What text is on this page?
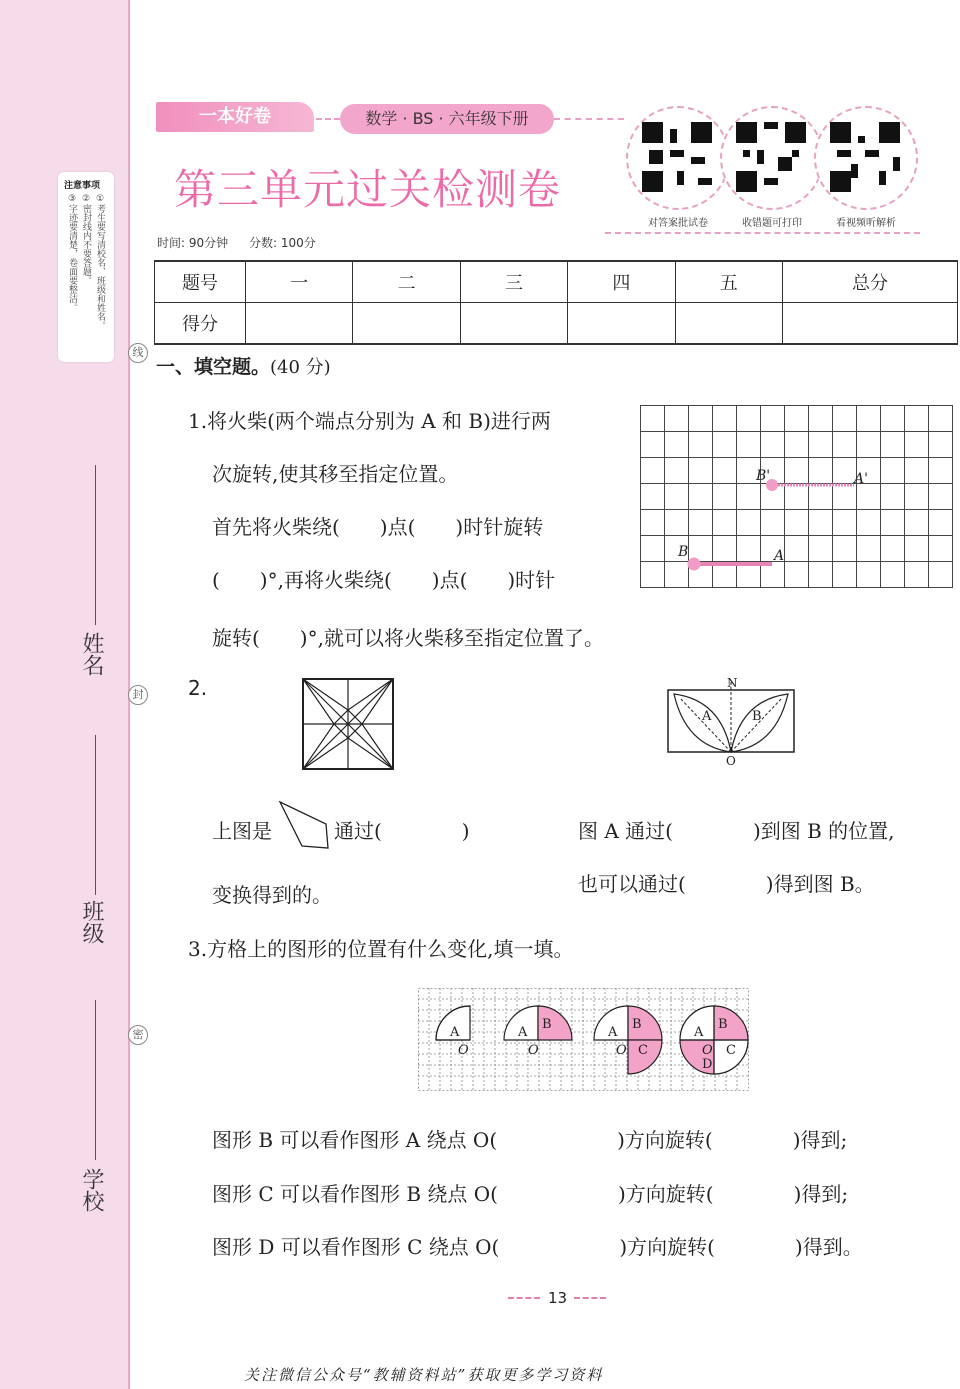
注意事项
①考生要写清校名、班级和姓名。
②密封线内不要答题。
③字迹要清楚，卷面要整洁。
线
封
密
姓名
班级
学校
一本好卷	数学 · BS · 六年级下册
第三单元过关检测卷
时间: 90分钟 分数: 100分
对答案批试卷	收错题可打印	看视频听解析
题号	一	二	三	四	五	总分
得分						
一、填空题。(40 分)
1.将火柴(两个端点分别为 A 和 B)进行两
次旋转,使其移至指定位置。
首先将火柴绕(　　)点(　　)时针旋转
(　　)°,再将火柴绕(　　)点(　　)时针
旋转(　　)°,就可以将火柴移至指定位置了。
B'	A'
B	A
2.	N
A	B
O
上图是	通过(　　　　)
变换得到的。
图 A 通过(　　　　)到图 B 的位置,
也可以通过(　　　　)得到图 B。
3.方格上的图形的位置有什么变化,填一填。
A
O
A
B
O
A
B
C
O
A
B
C
D
O
图形 B 可以看作图形 A 绕点 O(　　　　　　)方向旋转(　　　　)得到;
图形 C 可以看作图形 B 绕点 O(　　　　　　)方向旋转(　　　　)得到;
图形 D 可以看作图形 C 绕点 O(　　　　　　)方向旋转(　　　　)得到。
13
关注微信公众号“教辅资料站”获取更多学习资料
